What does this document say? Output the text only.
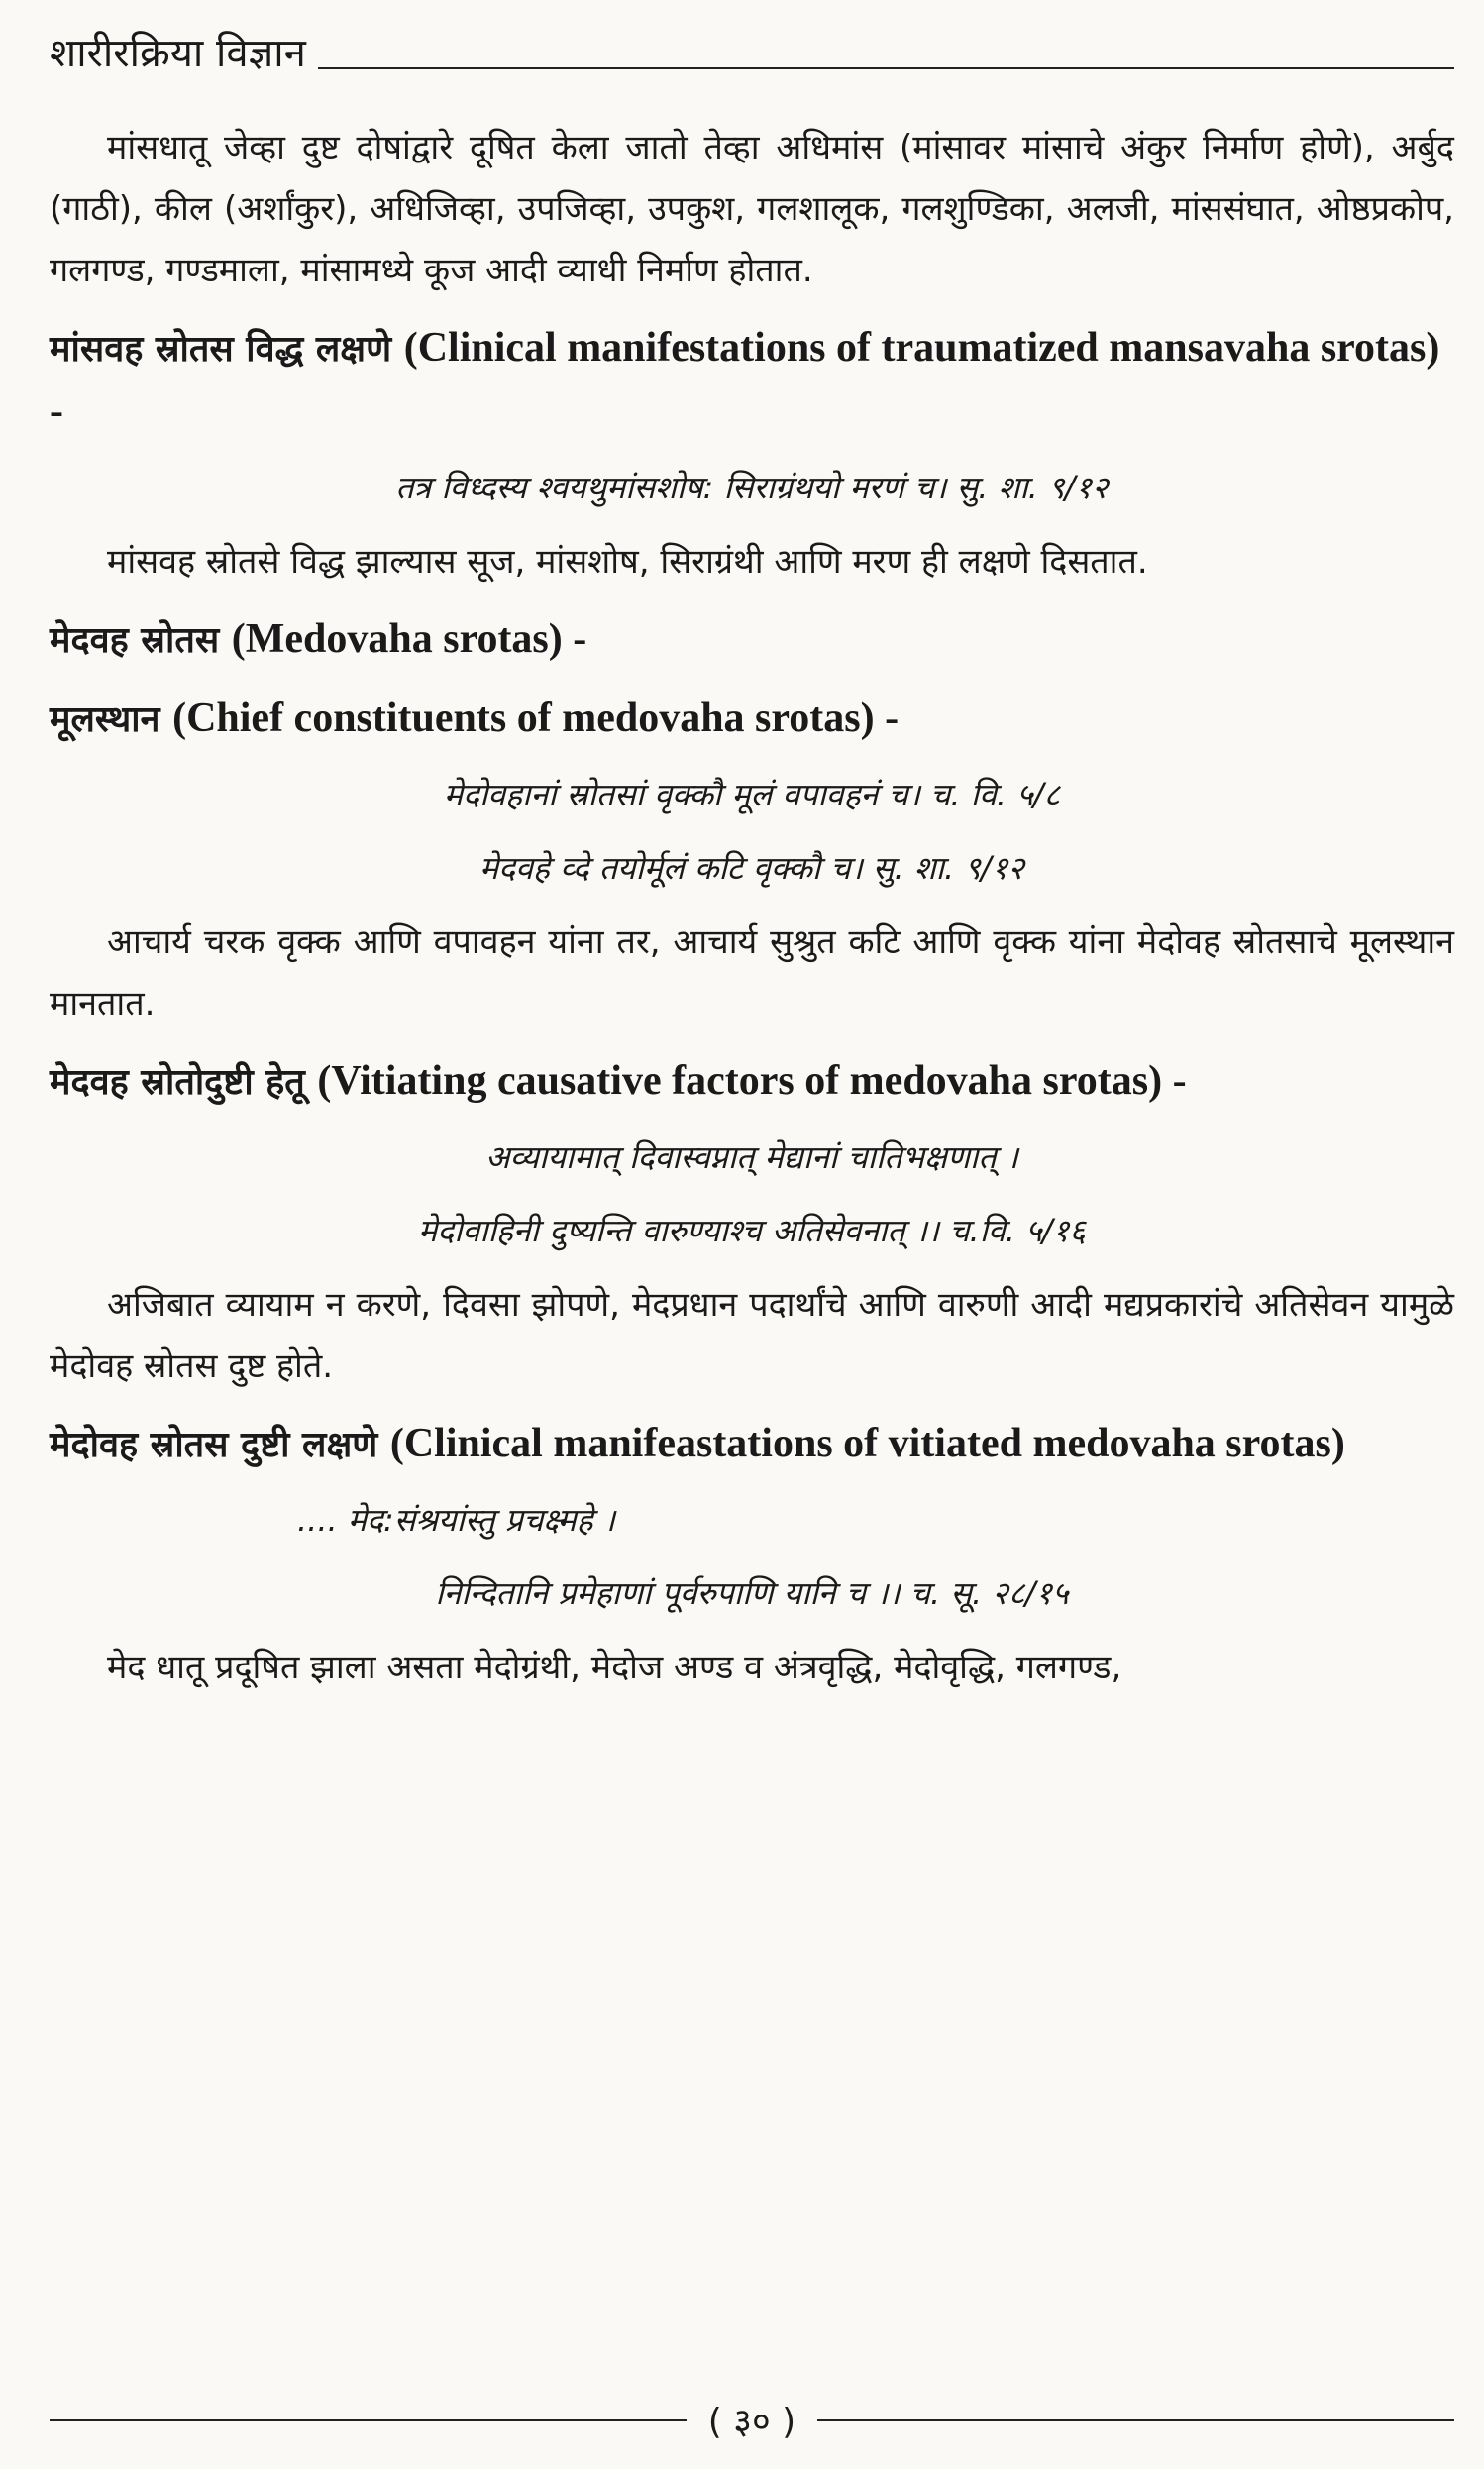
शारीरक्रिया विज्ञान

मांसधातू जेव्हा दुष्ट दोषांद्वारे दूषित केला जातो तेव्हा अधिमांस (मांसावर मांसाचे अंकुर निर्माण होणे), अर्बुद (गाठी), कील (अर्शांकुर), अधिजिव्हा, उपजिव्हा, उपकुश, गलशालूक, गलशुण्डिका, अलजी, मांससंघात, ओष्ठप्रकोप, गलगण्ड, गण्डमाला, मांसामध्ये कूज आदी व्याधी निर्माण होतात.

मांसवह स्रोतस विद्ध लक्षणे (Clinical manifestations of traumatized mansavaha srotas) -

तत्र विध्दस्य श्वयथुमांसशोष: सिराग्रंथयो मरणं च। सु. शा. ९/१२

मांसवह स्रोतसे विद्ध झाल्यास सूज, मांसशोष, सिराग्रंथी आणि मरण ही लक्षणे दिसतात.

मेदवह स्रोतस (Medovaha srotas) -
मूलस्थान (Chief constituents of medovaha srotas) -

मेदोवहानां स्रोतसां वृक्कौ मूलं वपावहनं च। च. वि. ५/८

मेदवहे व्दे तयोर्मूलं कटि वृक्कौ च। सु. शा. ९/१२

आचार्य चरक वृक्क आणि वपावहन यांना तर, आचार्य सुश्रुत कटि आणि वृक्क यांना मेदोवह स्रोतसाचे मूलस्थान मानतात.

मेदवह स्रोतोदुष्टी हेतू (Vitiating causative factors of medovaha srotas) -

अव्यायामात् दिवास्वप्नात् मेद्यानां चातिभक्षणात् ।

मेदोवाहिनी दुष्यन्ति वारुण्याश्च अतिसेवनात् ।। च.वि. ५/१६

अजिबात व्यायाम न करणे, दिवसा झोपणे, मेदप्रधान पदार्थांचे आणि वारुणी आदी मद्यप्रकारांचे अतिसेवन यामुळे मेदोवह स्रोतस दुष्ट होते.

मेदोवह स्रोतस दुष्टी लक्षणे (Clinical manifeastations of vitiated medovaha srotas)

.... मेद:संश्रयांस्तु प्रचक्ष्महे ।

निन्दितानि प्रमेहाणां पूर्वरुपाणि यानि च ।। च. सू. २८/१५

मेद धातू प्रदूषित झाला असता मेदोग्रंथी, मेदोज अण्ड व अंत्रवृद्धि, मेदोवृद्धि, गलगण्ड,

( ३० )
